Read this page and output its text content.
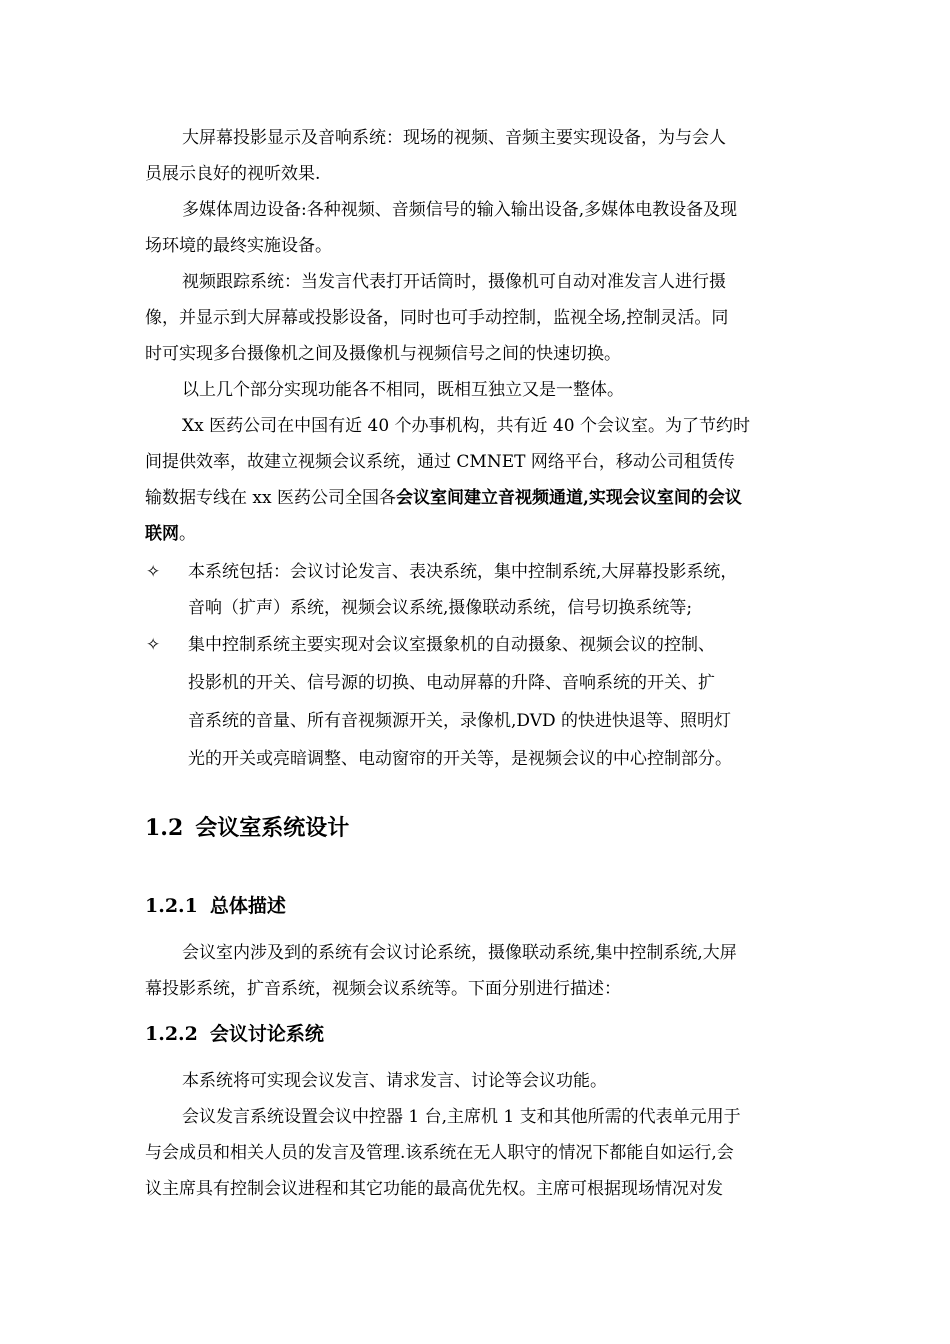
大屏幕投影显示及音响系统：现场的视频、音频主要实现设备，为与会人
员展示良好的视听效果.
多媒体周边设备:各种视频、音频信号的输入输出设备,多媒体电教设备及现
场环境的最终实施设备。
视频跟踪系统：当发言代表打开话筒时，摄像机可自动对准发言人进行摄
像，并显示到大屏幕或投影设备，同时也可手动控制，监视全场,控制灵活。同
时可实现多台摄像机之间及摄像机与视频信号之间的快速切换。
以上几个部分实现功能各不相同，既相互独立又是一整体。
Xx 医药公司在中国有近 40 个办事机构，共有近 40 个会议室。为了节约时
间提供效率，故建立视频会议系统，通过 CMNET 网络平台，移动公司租赁传
输数据专线在 xx 医药公司全国各会议室间建立音视频通道,实现会议室间的会议
联网。
✧ 本系统包括：会议讨论发言、表决系统，集中控制系统,大屏幕投影系统，
音响（扩声）系统，视频会议系统,摄像联动系统，信号切换系统等;
✧ 集中控制系统主要实现对会议室摄象机的自动摄象、视频会议的控制、
投影机的开关、信号源的切换、电动屏幕的升降、音响系统的开关、扩
音系统的音量、所有音视频源开关，录像机,DVD 的快进快退等、照明灯
光的开关或亮暗调整、电动窗帘的开关等，是视频会议的中心控制部分。
1.2 会议室系统设计
1.2.1 总体描述
会议室内涉及到的系统有会议讨论系统，摄像联动系统,集中控制系统,大屏
幕投影系统，扩音系统，视频会议系统等。下面分别进行描述：
1.2.2 会议讨论系统
本系统将可实现会议发言、请求发言、讨论等会议功能。
会议发言系统设置会议中控器 1 台,主席机 1 支和其他所需的代表单元用于
与会成员和相关人员的发言及管理.该系统在无人职守的情况下都能自如运行,会
议主席具有控制会议进程和其它功能的最高优先权。主席可根据现场情况对发
